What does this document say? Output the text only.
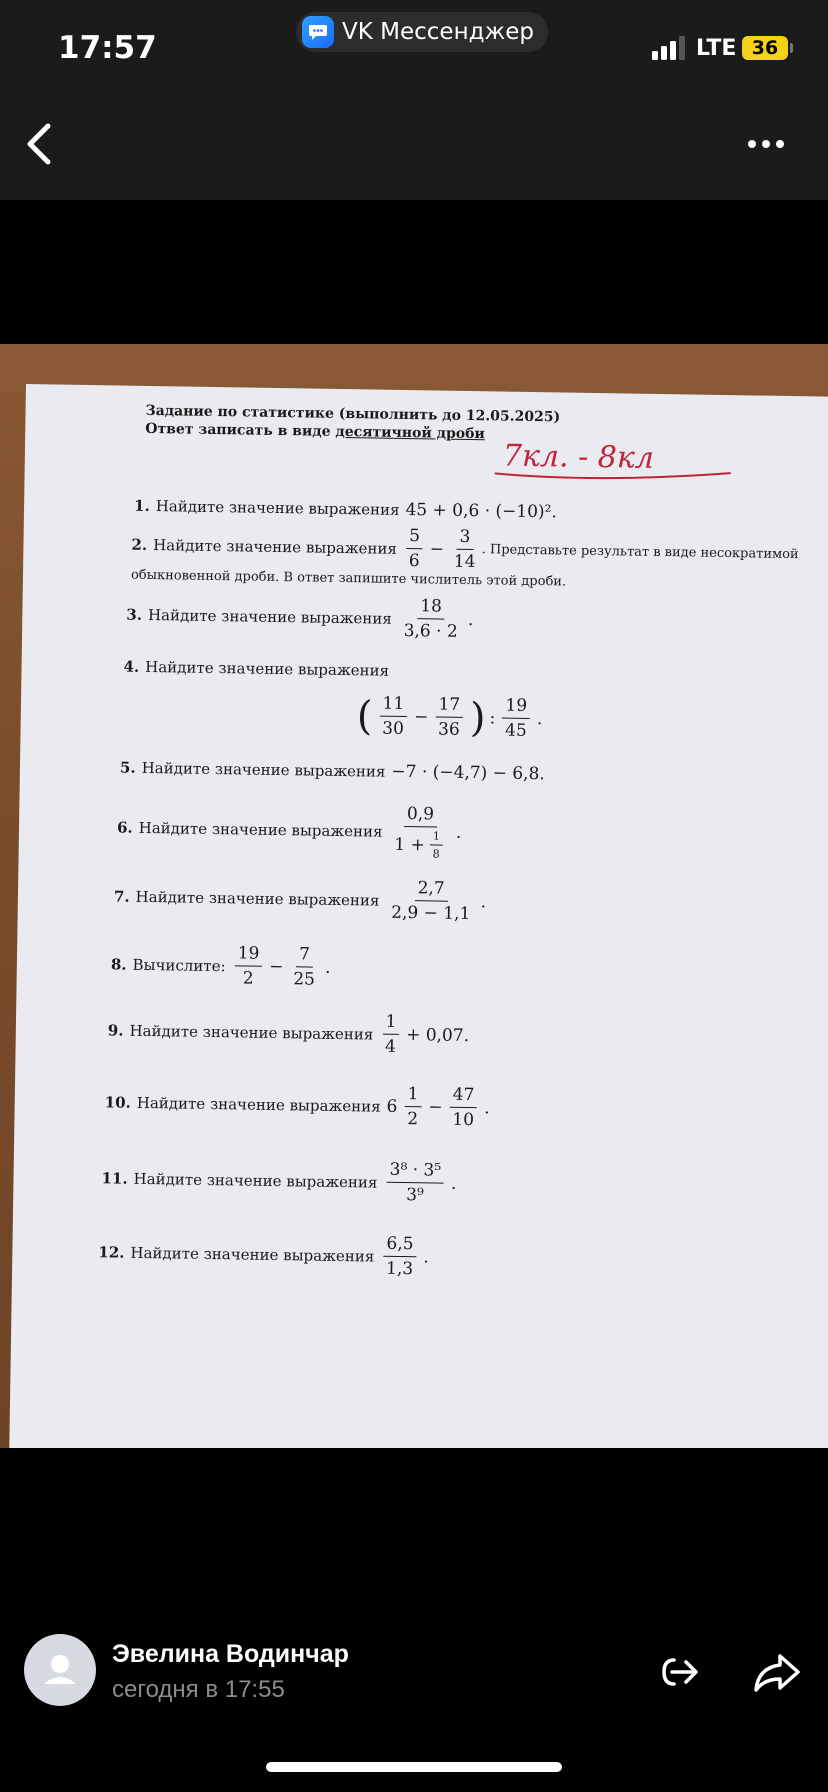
17:57	VK Мессенджер
LTE 36
Задание по статистике (выполнить до 12.05.2025)
Ответ записать в виде десятичной дроби
7кл. - 8кл
1. Найдите значение выражения 45 + 0,6 · (−10)².
2. Найдите значение выражения $\frac{5}{6} - \frac{3}{14}$ . Представьте результат в виде несократимой
обыкновенной дроби. В ответ запишите числитель этой дроби.
3. Найдите значение выражения $\frac{18}{3,6 \cdot 2}$ .
4. Найдите значение выражения
( $\frac{11}{30} - \frac{17}{36}$ ) : $\frac{19}{45}$ .
5. Найдите значение выражения −7 · (−4,7) − 6,8.
6. Найдите значение выражения $\frac{0,9}{1 + \frac{1}{8}}$ .
7. Найдите значение выражения $\frac{2,7}{2,9 - 1,1}$ .
8. Вычислите: $\frac{19}{2} - \frac{7}{25}$ .
9. Найдите значение выражения $\frac{1}{4} + 0,07$.
10. Найдите значение выражения $6 \frac{1}{2} - \frac{47}{10}$ .
11. Найдите значение выражения $\frac{\text{3⁸ · 3⁵}}{\text{3⁹}}$ .
12. Найдите значение выражения $\frac{6,5}{1,3}$ .
Эвелина Водинчар
сегодня в 17:55
